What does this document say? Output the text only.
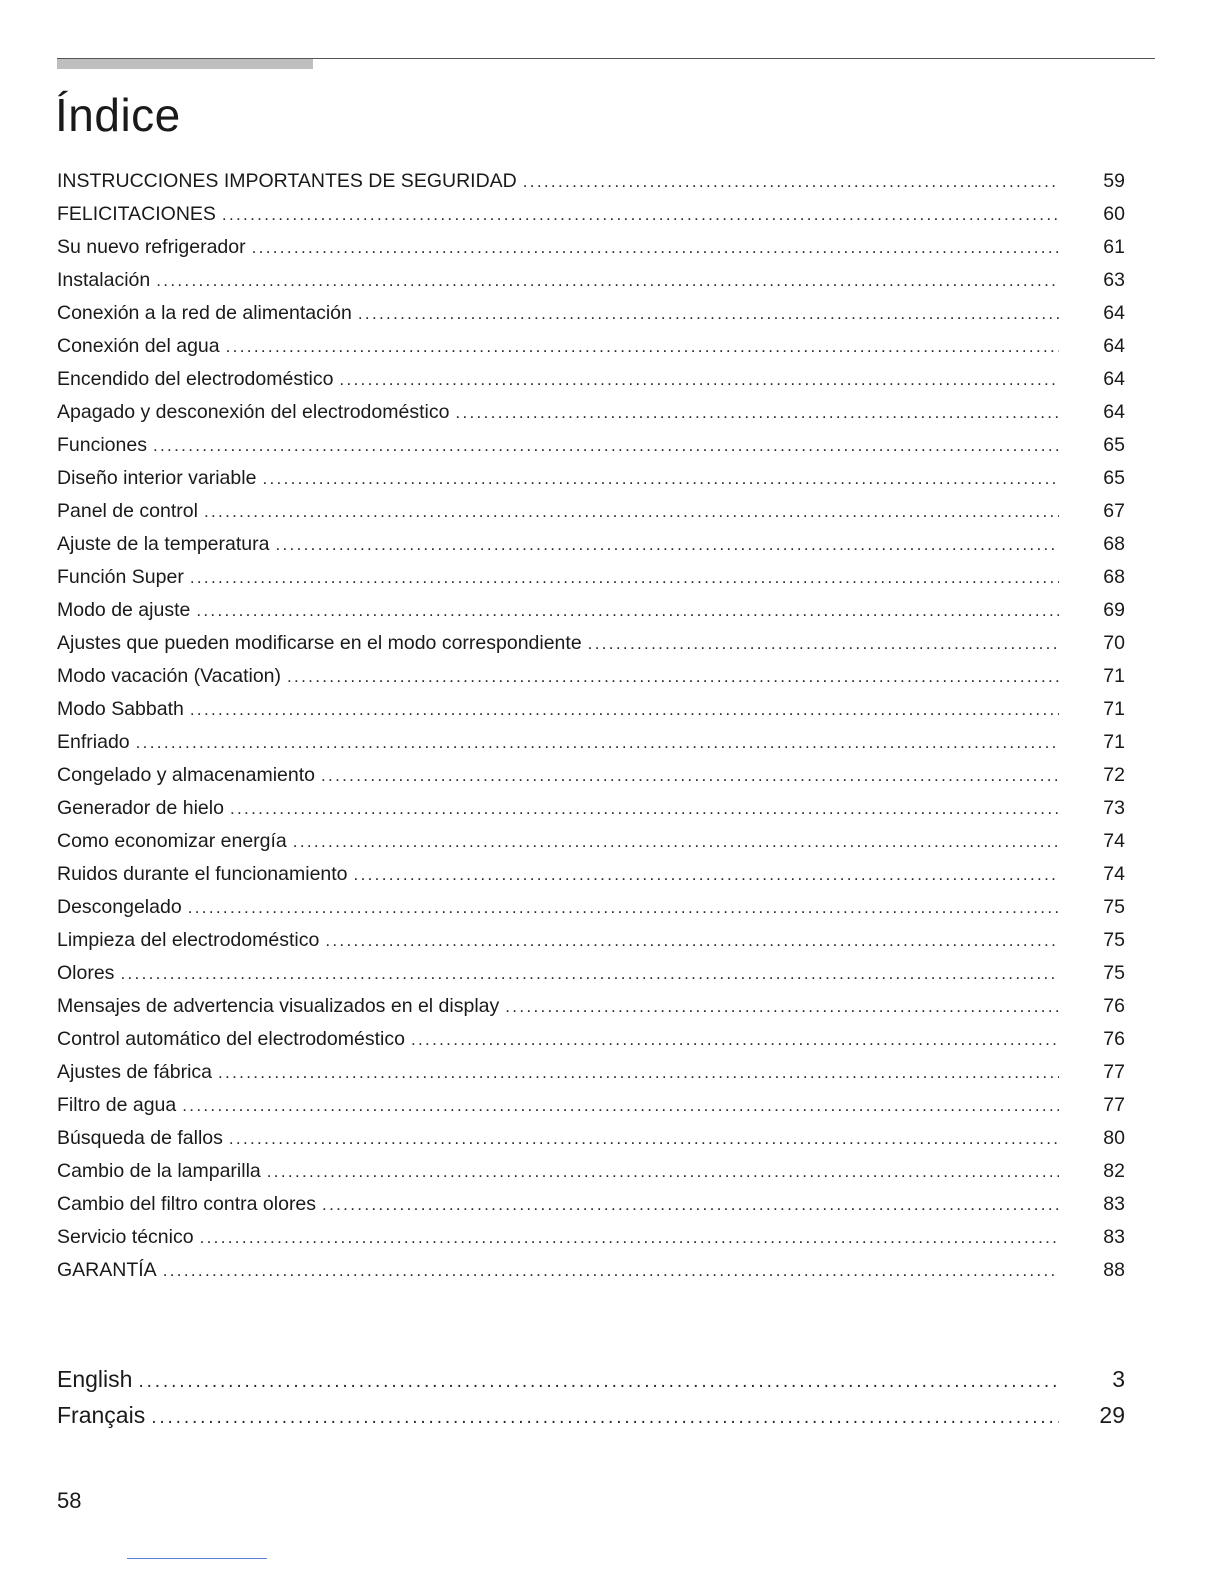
Índice
INSTRUCCIONES IMPORTANTES DE SEGURIDAD . . .	59
FELICITACIONES . . .	60
Su nuevo refrigerador . . .	61
Instalación . . .	63
Conexión a la red de alimentación . . .	64
Conexión del agua . . .	64
Encendido del electrodoméstico . . .	64
Apagado y desconexión del electrodoméstico . . .	64
Funciones . . .	65
Diseño interior variable . . .	65
Panel de control . . .	67
Ajuste de la temperatura . . .	68
Función Super . . .	68
Modo de ajuste . . .	69
Ajustes que pueden modificarse en el modo correspondiente . . .	70
Modo vacación (Vacation) . . .	71
Modo Sabbath . . .	71
Enfriado . . .	71
Congelado y almacenamiento . . .	72
Generador de hielo . . .	73
Como economizar energía . . .	74
Ruidos durante el funcionamiento . . .	74
Descongelado . . .	75
Limpieza del electrodoméstico . . .	75
Olores . . .	75
Mensajes de advertencia visualizados en el display . . .	76
Control automático del electrodoméstico . . .	76
Ajustes de fábrica . . .	77
Filtro de agua . . .	77
Búsqueda de fallos . . .	80
Cambio de la lamparilla . . .	82
Cambio del filtro contra olores . . .	83
Servicio técnico . . .	83
GARANTÍA . . .	88
English . . .	3
Français . . .	29
58
